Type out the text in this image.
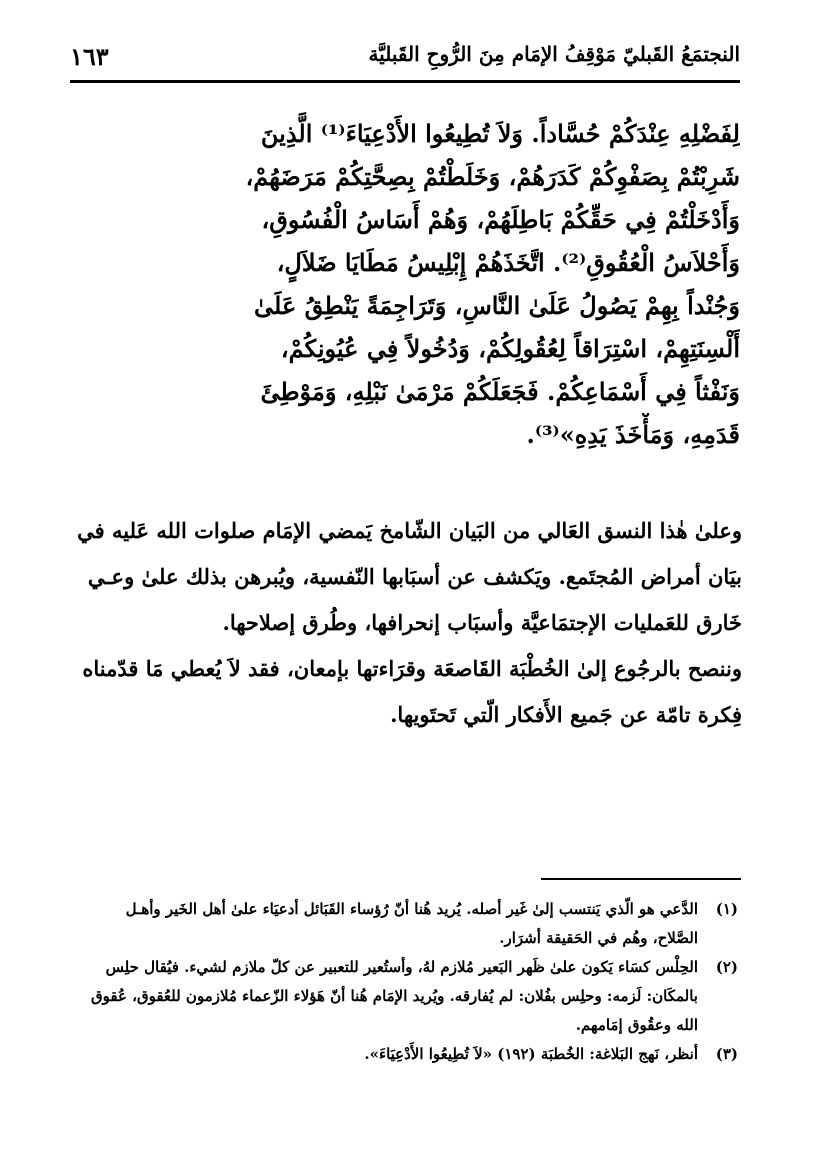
النجتمَعُ القَبليّ مَوْقِفُ الإمَام مِنَ الرُّوحِ القَبليَّة
١٦٣
لِفَضْلِهِ عِنْدَكُمْ حُسَّاداً. وَلاَ تُطِيعُوا الأَدْعِيَاءَ⁽¹⁾ الَّذِينَ
شَرِبْتُمْ بِصَفْوِكُمْ كَدَرَهُمْ، وَخَلَطْتُمْ بِصِحَّتِكُمْ مَرَضَهُمْ،
وَأَدْخَلْتُمْ فِي حَقِّكُمْ بَاطِلَهُمْ، وَهُمْ أَسَاسُ الْفُسُوقِ،
وَأَحْلاَسُ الْعُقُوقِ⁽²⁾. اتَّخَذَهُمْ إِبْلِيسُ مَطَايَا ضَلاَلٍ،
وَجُنْداً بِهِمْ يَصُولُ عَلَىٰ النَّاسِ، وَتَرَاجِمَةً يَنْطِقُ عَلَىٰ
أَلْسِنَتِهِمْ، اسْتِرَاقاً لِعُقُولِكُمْ، وَدُخُولاً فِي عُيُونِكُمْ،
وَنَفْثاً فِي أَسْمَاعِكُمْ. فَجَعَلَكُمْ مَرْمَىٰ نَبْلِهِ، وَمَوْطِئَ
قَدَمِهِ، وَمَأْخَذَ يَدِهِ»⁽³⁾.

وعلىٰ هٰذا النسق العَالي من البَيان الشّامخ يَمضي الإمَام صلوات الله عَليه في
بيَان أمراض المُجتَمع. ويَكشف عن أسبَابها النّفسية، ويُبرهن بذلك علىٰ وعـي
خَارق للعَمليات الإجتمَاعيَّة وأسبَاب إنحرافها، وطُرق إصلاحها.

وننصح بالرجُوع إلىٰ الخُطْبَة القَاصعَة وقرَاءتها بإمعان، فقد لاَ يُعطي مَا قدّمناه
فِكرة تامّة عن جَميع الأَفكار الّتي تَحتَويها.

(١)
الدَّعي هو الّذي يَنتسب إلىٰ غَير أصله. يُريد هُنا أنّ رُؤساء القَبَائل أدعيَاء علىٰ أهل الخَير وأهـل
الصَّلاح، وهُم في الحَقيقة أشرَار.
(٢)
الحِلْس كسَاء يَكون علىٰ ظَهر البَعير مُلازم لهُ، وأستُعير للتعبير عن كلّ ملازم لشيء. فيُقال حلِس
بالمكَان: لَزمه: وحلِس بفُلان: لم يُفارقه. ويُريد الإمَام هُنا أنّ هَؤلاء الزّعماء مُلازمون للعُقوق، عُقوق
الله وعقُوق إمَامهم.
(٣)
أنظر، نَهج البَلاغة: الخُطبَة (١٩٢) «لاَ تُطِيعُوا الأَدْعِيَاءَ».
